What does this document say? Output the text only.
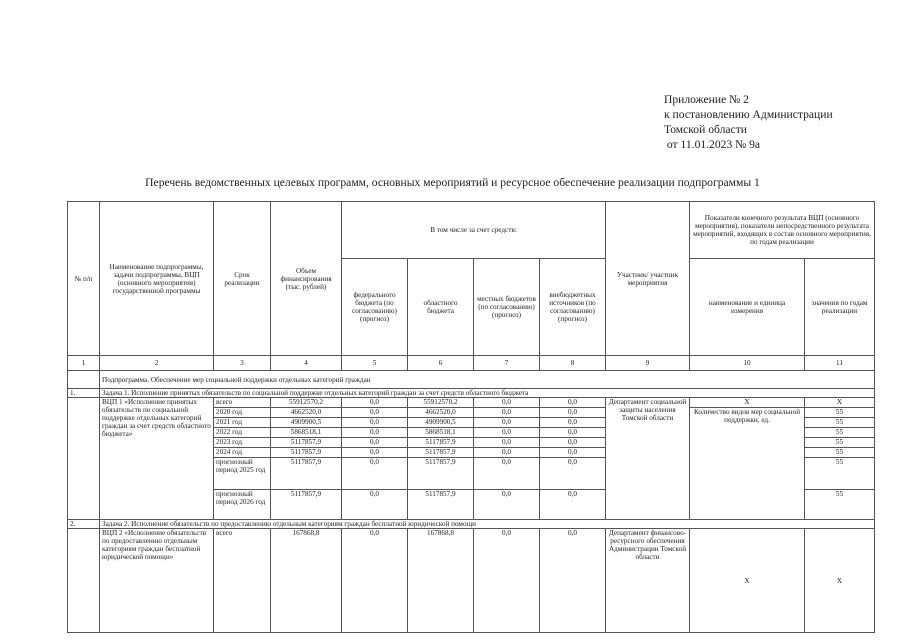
Приложение № 2
к постановлению Администрации
Томской области
от 11.01.2023 № 9а
Перечень ведомственных целевых программ, основных мероприятий и ресурсное обеспечение реализации подпрограммы 1
№ п/п	Наименование подпрограммы, задачи подпрограммы, ВЦП (основного мероприятия) государственной программы	Срок реализации	Объем финансирования (тыс. рублей)	В том числе за счет средств:				Участник/ участник мероприятия	Показатели конечного результата ВЦП (основного мероприятия), показатели непосредственного результата мероприятий, входящих в состав основного мероприятия, по годам реализации	
				федерального бюджета (по согласованию) (прогноз)	областного бюджета	местных бюджетов (по согласованию) (прогноз)	внебюджетных источников (по согласованию) (прогноз)		наименование и единица измерения	значения по годам реализации
1	2	3	4	5	6	7	8	9	10	11
	Подпрограмма. Обеспечение мер социальной поддержки отдельных категорий граждан									
1.	Задача 1. Исполнение принятых обязательств по социальной поддержке отдельных категорий граждан за счет средств областного бюджета									
	ВЦП 1 «Исполнение принятых обязательств по социальной поддержке отдельных категорий граждан за счет средств областного бюджета»	всего	55912570,2	0,0	55912570,2	0,0	0,0	Департамент социальной защиты населения Томской области	Х	Х
		2020 год	4662520,0	0,0	4662520,0	0,0	0,0		Количество видов мер социальной поддержки, ед.	55
		2021 год	4909900,5	0,0	4909900,5	0,0	0,0			55
		2022 год	5868518,1	0,0	5868518,1	0,0	0,0			55
		2023 год	5117857,9	0,0	5117857,9	0,0	0,0			55
		2024 год	5117857,9	0,0	5117857,9	0,0	0,0			55
		прогнозный период 2025 год	5117857,9	0,0	5117857,9	0,0	0,0			55
		прогнозный период 2026 год	5117857,9	0,0	5117857,9	0,0	0,0			55
2.	Задача 2. Исполнение обязательств по предоставлению отдельным категориям граждан бесплатной юридической помощи									
	ВЦП 2 «Исполнение обязательств по предоставлению отдельным категориям граждан бесплатной юридической помощи»	всего	167868,8	0,0	167868,8	0,0	0,0	Департамент финансово-ресурсного обеспечения Администрации Томской области	Х	Х
